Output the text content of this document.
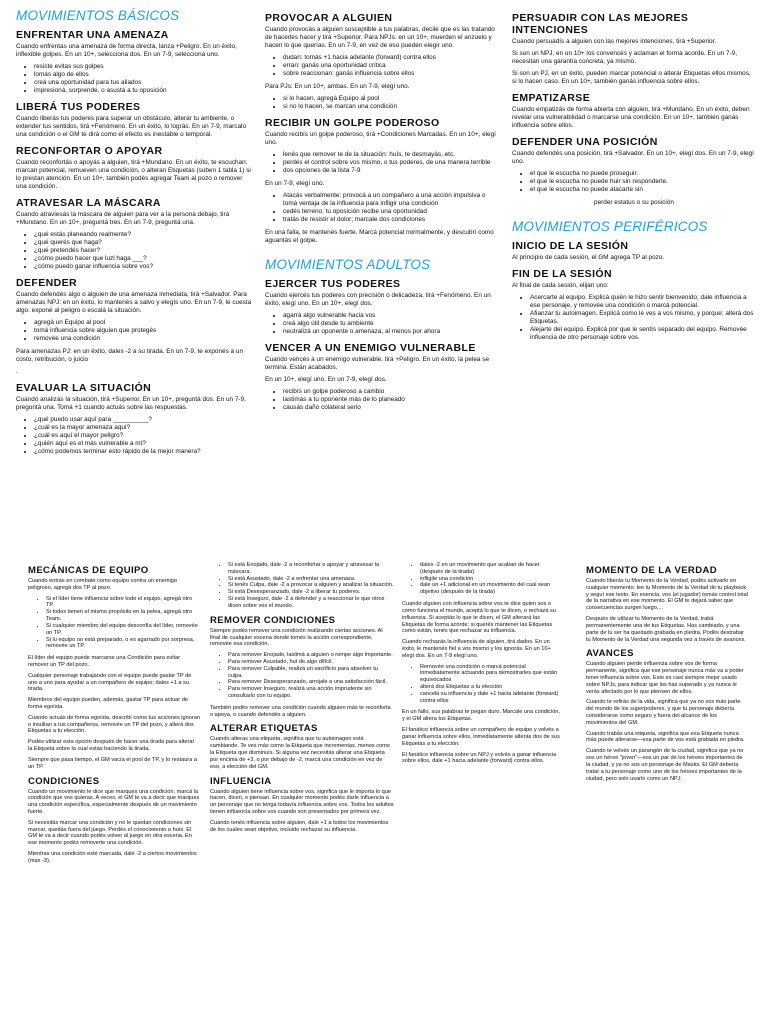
MOVIMIENTOS BÁSICOS
ENFRENTAR UNA AMENAZA

Cuando enfrentas una amenaza de forma directa, lanza +Peligro. En un éxito, inflexible golpes. En un 10+, selecciona dos. En un 7-9, selecciona uno.

• resiste evitas sus golpes
• lomás algo de ellos
• creá una oportunidad para tus aliados
• impresioná, sorprendé, o asustá a tu oposición
LIBERÁ TUS PODERES

Cuando liberás tus poderes para superar un obstáculo, alterar tu ambiente, o extender tus sentidos, tirá +Fenómeno. En un éxito, lo lográs. En un 7-9, marcalo una condición o el GM te dirá como el efecto es inestable o temporal.

RECONFORTAR O APOYAR

Cuando reconfortás o apoyás a alguien, tirá +Mundano. En un éxito, te escuchan: marcan potencial, remueven una condición, o alteran Etiquetas (suben 1 tabla 1) si lo prestan atención. En un 10+, también podés agregar Team al pozo o remover una condición.

ATRAVESAR LA MÁSCARA

Cuando atraviesás la máscara de alguien para ver a la persona debajo, tirá +Mundano. En un 10+, preguntá tres. En un 7-9, preguntá una.

• ¿qué estás planeando realmente?
• ¿qué querés que haga?
• ¿qué pretendés hacer?
• ¿cómo puedo hacer que luzl haga ___?
• ¿cómo puedo ganar influencia sobre vos?
DEFENDER

Cuando defendés algo o alguien de una amenaza inmediata, tirá +Salvador. Para amenazas NPJ: en un éxito, lo mantenés a salvo y elegís uno. En un 7-9, le cuesta algo: exponé al peligro o escalá la situación.

• agregá un Equipo al pool
• tomá influencia sobre alguien que protegés
• removée una condición

Para amenazas PJ: en un éxito, dales -2 a su tirada. En un 7-9, te exponés a un costo, retribución, o juicio

.

EVALUAR LA SITUACIÓN

Cuando analizás la situación, tirá +Superior. En un 10+, preguntá dos. En un 7-9, preguntá una. Tomá +1 cuando actuás sobre las respuestas.

• ¿qué puedo usar aquí para __________?
• ¿cuál es la mayor amenaza aquí?
• ¿cuál es aquí el mayor peligro?
• ¿quién aquí es el más vulnerable a mí?
• ¿cómo podemos terminar esto rápido de la mejor manera?
PROVOCAR A ALGUIEN

Cuando provocás a alguien susceptible a tus palabras, decile que es las tratando de hacerles hacer y tirá +Superior. Para NPJs: en un 10+, muerden el anzuelo y hacen lo que querías. En un 7-9, en vez de eso pueden elegir uno.

• dudan: tomás +1 hacia adelante (forward) contra ellos
• erran: ganás una oportunidad crítica
• sobre reaccionan: ganás influencia sobre ellos

Para PJs: En un 10+, ambas. En un 7-9, elegí uno.

• si lo hacen, agregá Equipo al pool
• si no lo hacen, se marcan una condición
RECIBIR UN GOLPE PODEROSO

Cuando recibís un golpe poderoso, tirá +Condiciones Marcadas. En un 10+, elegí uno.

• lenés que remover te de la situación: huís, te desmayás, etc.
• perdés el control sobre vos mismo, o tus poderes, de una manera terrible
• dos opciones de la lista 7-9

En un 7-9, elegí uno.

• Atacás verbalmente: provocá a un compañero a una acción impulsiva o tomá ventaja de la influencia para infligir una condición
• cedés terreno; tu oposición recibe una oportunidad
• tratás de resistir el dolor; marcale dos condiciones

En una falla, te mantenés fuerte. Marcá potencial normalmente, y descubrí como aguantás el golpe.

MOVIMIENTOS ADULTOS
EJERCER TUS PODERES

Cuando ejercés tus poderes con precisión o delicadeza, tirá +Fenómeno. En un éxito, elegí uno. En un 10+, elegí dos.

• agarrá algo vulnerable hacia vos
• creá algo útil desde tu ambiente
• neutralizá un oponente o amenaza, al menos por ahora
VENCER A UN ENEMIGO VULNERABLE

Cuando vencés a un enemigo vulnerable, tirá +Peligro. En un éxito, la pelea se termina. Están acabados.

En un 10+, elegí uno. En un 7-9, elegí dos.

• recibís un golpe poderoso a cambio
• lastimás a tu oponente más de lo planeado
• causás daño colateral serio
PERSUADIR CON LAS MEJORES INTENCIONES

Cuando persuadís a alguien con las mejores intenciones, tirá +Superior.

Si son un NPJ, en un 10+ los convencés y aclaman el forma acorde. En un 7-9, necesitan una garantía concreta, ya mismo.

Si son un PJ, en un éxito, pueden marcar potencial o alterar Etiquetas ellos mismos, si lo hacen caso. En un 10+, también ganás influencia sobre ellos.

EMPATIZARSE

Cuando empatizás de forma abierta con alguien, tirá +Mundano. En un éxito, deben revelar una vulnerabilidad o marcarse una condición. En un 10+, también ganás influencia sobre ellos.

DEFENDER UNA POSICIÓN

Cuando defendés una posición, tirá +Salvador. En un 10+, elegí dos. En un 7-9, elegí uno.

• el que le escucha no puede proseguir.
• el que le escucha no puede huir sin responderle.
• el que le escucha no puede atacarte sin

perder estatus o su posición

MOVIMIENTOS PERIFÉRICOS
INICIO DE LA SESIÓN

Al principio de cada sesión, el GM agrega TP al pozo.

FIN DE LA SESIÓN

Al final de cada sesión, elijan uno:

• Acercarte al equipo. Explicá quién le hizo sentir bienvenido; dale influencia a ese personaje, y removée una condición o marcá potencial.
• Afianzar tu autoimagen. Explicá como le ves a vos mismo, y porque; alterá dos Etiquetas.
• Alejarte del equipo. Explicá por que le sentís separado del equipo. Removée influencia de otro personaje sobre vos.
MECÁNICAS DE EQUIPO

Cuando entrás en combate como equipo contra un enemigo peligroso, agregá dos TP al pozo.

• Si el líder tiene influencia sobre todo el equipo, agregá otro TP.
• Si todos tienen el mismo propósito en la pelea, agregá otro Team.
• Si cualquier miembro del equipo desconfía del líder, removée un TP.
• Si lu equipo no está preparado, o es agarrado por sorpresa, removée un TP.

El líder del equipo puede marcarse una Condición para evitar remover un TP del pozo.

Cualquier personaje trabajando con el equipo puede gastar TP de uno a uno para ayudar a un compañero de equipo; dales +1 a su tirada.

Miembros del equipo pueden, además, gastar TP para actuar de forma egoísta.

Cuando actuás de forma egoísta, describí como tus acciones ignoran o insultan a tus compañeros, removée un TP del pozo, y alterá dos Etiquetas a tu elección.

Podés utilizar esta opción después de hacer una tirada para alterar la Etiqueta sobre la cual estás haciendo la tirada.

Siempre que pasa tiempo, el GM vacía el pool de TP, y lo restaura a un TP.

CONDICIONES

Cuando un movimiento le dice que marques una condición, marcá la condición que vos quieras. A veces, el GM te va a decir que marques una condición específica, especialmente después de un movimiento fuerte.

Si necesitás marcar una condición y no le quedan condiciones sin marcar, quedás fuera del juego. Perdés el conocimiento o huís. El GM te va a decir cuando podés volver al juego en otra escena. En ese momento podés removerte una condición.

Mientras una condición esté marcada, dale -2 a ciertos movimientos (max -3).

• Si está Enojado, dale -2 a reconfortar o apoyar y atravesar la máscara.
• Si está Asustado, dale -2 a enfrentar una amenaza.
• Si tenés Culpa, dale -2 a provocar a alguien y analizar la situación.
• Si está Desesperanzado, dale -2 a liberar tu poderes.
• Si está Inseguro, dale -2 a defender y a reaccionar lo que otros dicen sobre vos el mundo.
REMOVER CONDICIONES

Siempre podés remover una condición realizando ciertas acciones. Al final de cualquier escena donde tomés la acción correspondiente, removée esa condición.

• Para remover Enojado, lastimá a alguien o rompe algo importante.
• Para remover Asustado, huí de algo difícil.
• Para remover Culpable, realizá un sacrificio para absolver tu culpa.
• Para remover Desesperanzado, arrojale a una satisfacción fácil.
• Para remover Inseguro, realizá una acción imprudente sin consultarlo con tu equipo.

También podés remover una condición cuando alguien más te reconforta o apoya, o cuando defendés a alguien.

ALTERAR ETIQUETAS

Cuando alteras una etiqueta, significa que tu autoimagen está cambiando. Te ves más como la Etiqueta que incrementas, menos como la Etiqueta que disminuís. Si alguna vez necesitás alterar una Etiqueta por encima de +3, o por debajo de -2, marcá una condición en vez de eso, a elección del GM.

INFLUENCIA

Cuando alguien tiene influencia sobre vos, significa que le importa lo que hacen, dicen, o piensan. En cualquier momento podés darle influencia a un personaje que no tenga todavía influencia sobre vos. Todos los adultos tienen influencia sobre vos cuando son presentados por primera vez.

Cuando tenés influencia sobre alguien, dale +1 a todos los movimientos de los cuales sean objetivo, incluido rechazar su influencia.

• dales -2 en un movimiento que acaban de hacer (después de la tirada)
• infligile una condición
• dale un +1 adicional en un movimiento del cual sean objetivo (después de la tirada)

Cuando alguien con influencia sobre vos te dice quien sos o como funciona el mundo, aceptá lo que te dicen, o rechazá su influencia. Si aceptás lo que te dicen, el GM alterará las Etiquetas de forma acorde; si querés mantener las Etiquetas como están, tenés que rechazar su influencia.

Cuando rechazás la influencia de alguien, tirá dados. En un éxito, le mantenés fiel a vos mismo y los ignorás. En un 10+ elegí dos. En un 7-9 elegí uno.

• Removée una condición o marcá potencial inmediatamente actuando para demostrarles que están equivocados
• alterá dos Etiquetas a tu elección
• cancelá su influencia y dale +1 hacia adelante (forward) contra ellos

En un fallo, sus palabras te pegan duro. Marcale una condición, y el GM altera tus Etiquetas.

El fanático influencia sobre un compañero de equipo y volvés a ganar influencia sobre ellos, inmediatamente alterás dos de sus Etiquetas a tu elección.

El fanático influencia sobre un NPJ y volvés a ganar influencia sobre ellos, dale +1 hacia adelante (forward) contra ellos.

MOMENTO DE LA VERDAD

Cuando liberás tu Momento de la Verdad, podés activarlo en cualquier momento: lee tu Momento de la Verdad de tu playbook y seguí ese texto. En esencia, vos (el jugador) tomás control total de la narrativa en ese momento. El GM te dejará saber que consecuencias surgen luego....

Después de utilizar tu Momento de la Verdad, trabá permanentemente una de tus Etiquetas. Has cambiado, y una parte de lu ser ha quedado grabada en piedra. Podés destrabar tu Momento de la Verdad una segunda vez a través de avances.

AVANCES

Cuando alguien pierde influencia sobre vos de forma permanente, significa que ese personaje nunca más va a poder tener influencia sobre vos. Esto es casi siempre mejor usado sobre NPJs, para indicar que los has superado y ya nunca le verás afectado por lo que piensen de ellos.

Cuando te refirás de la vida, significa que ya no sos más parte del mundo de los superpoderes, y que tu personaje debería considerarse como seguro y fuera del alcance de los movimientos del GM.

Cuando trabás una etiqueta, significa que esa Etiqueta nunca más puede alterarse—esa parte de vos está grabada en piedra.

Cuando te volvés un parangón de la ciudad, significa que ya no sos un héroe "joven"—sos un par de los héroes importantes de la ciudad, y ya no sos un personaje de Masks. El GM debería tratar a tu personaje como uno de los héroes importantes de la ciudad, pero solo usarlo como un NPJ.
